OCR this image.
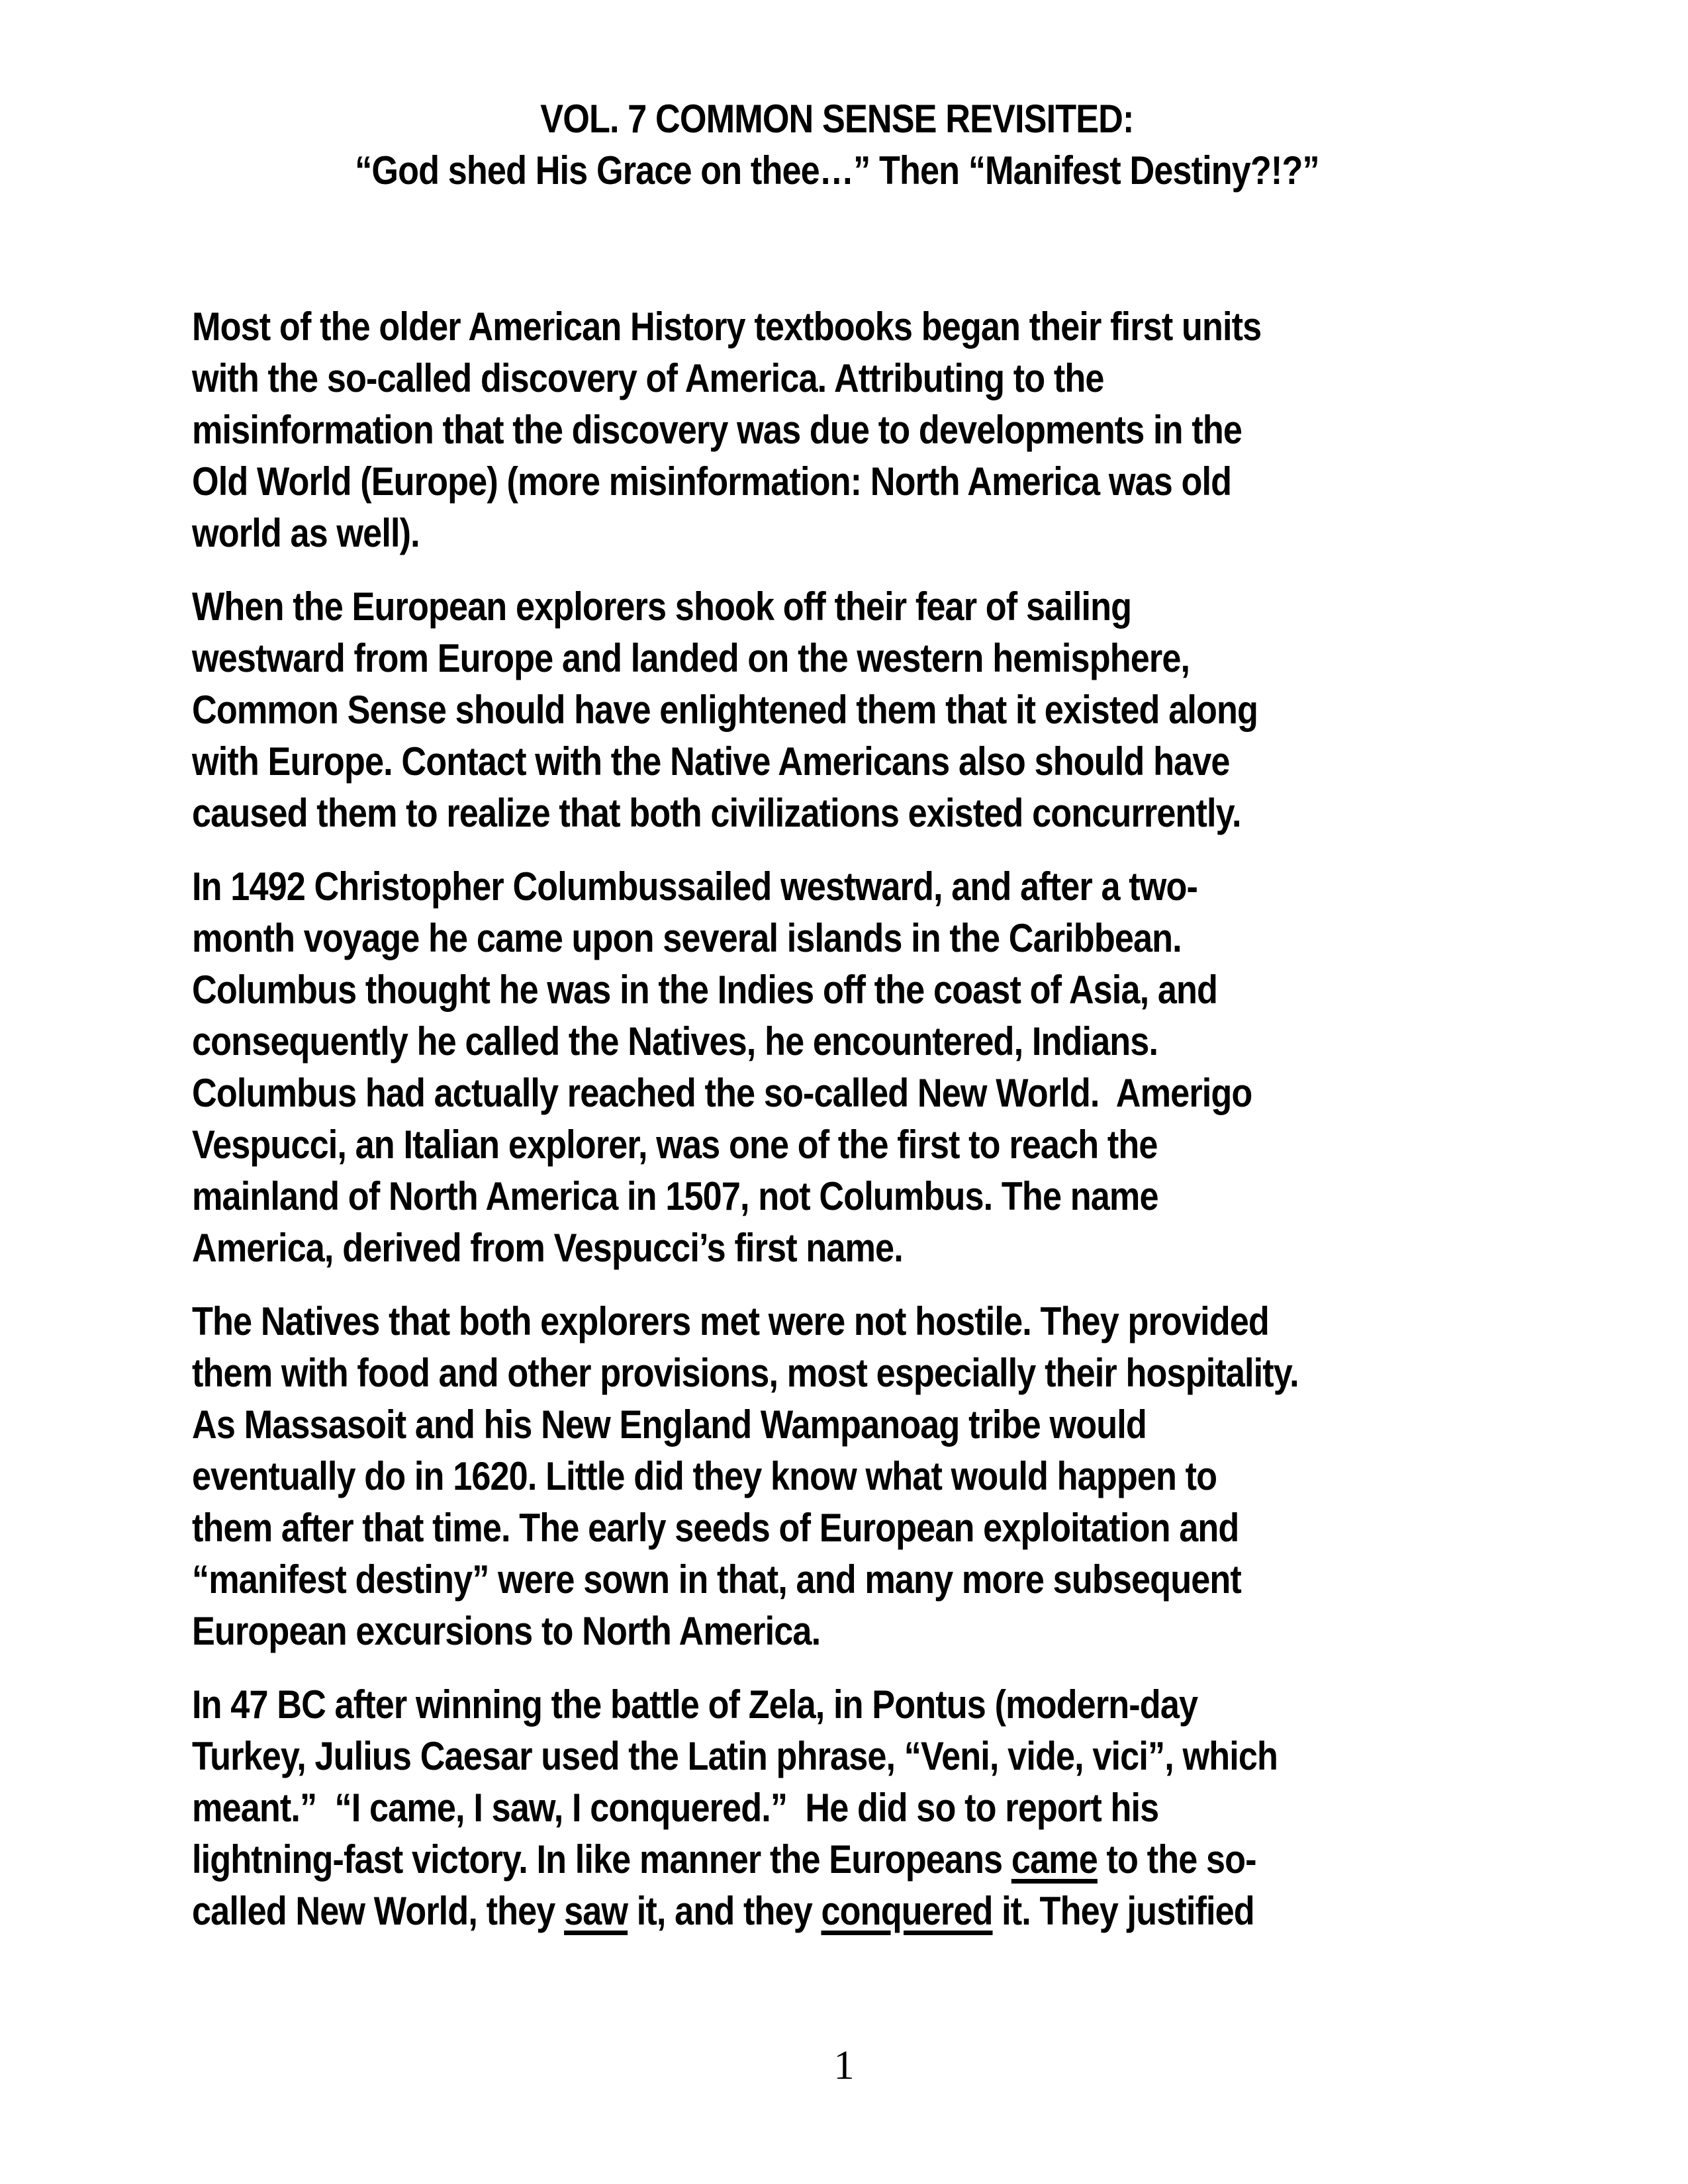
VOL. 7 COMMON SENSE REVISITED:
“God shed His Grace on thee…” Then “Manifest Destiny?!?”
Most of the older American History textbooks began their first units
with the so-called discovery of America. Attributing to the
misinformation that the discovery was due to developments in the
Old World (Europe) (more misinformation: North America was old
world as well).
When the European explorers shook off their fear of sailing
westward from Europe and landed on the western hemisphere,
Common Sense should have enlightened them that it existed along
with Europe. Contact with the Native Americans also should have
caused them to realize that both civilizations existed concurrently.
In 1492 Christopher Columbussailed westward, and after a two-
month voyage he came upon several islands in the Caribbean.
Columbus thought he was in the Indies off the coast of Asia, and
consequently he called the Natives, he encountered, Indians.
Columbus had actually reached the so-called New World.  Amerigo
Vespucci, an Italian explorer, was one of the first to reach the
mainland of North America in 1507, not Columbus. The name
America, derived from Vespucci’s first name.
The Natives that both explorers met were not hostile. They provided
them with food and other provisions, most especially their hospitality.
As Massasoit and his New England Wampanoag tribe would
eventually do in 1620. Little did they know what would happen to
them after that time. The early seeds of European exploitation and
“manifest destiny” were sown in that, and many more subsequent
European excursions to North America.
In 47 BC after winning the battle of Zela, in Pontus (modern-day
Turkey, Julius Caesar used the Latin phrase, “Veni, vide, vici”, which
meant.”  “I came, I saw, I conquered.”  He did so to report his
lightning-fast victory. In like manner the Europeans came to the so-
called New World, they saw it, and they conquered it. They justified
1
